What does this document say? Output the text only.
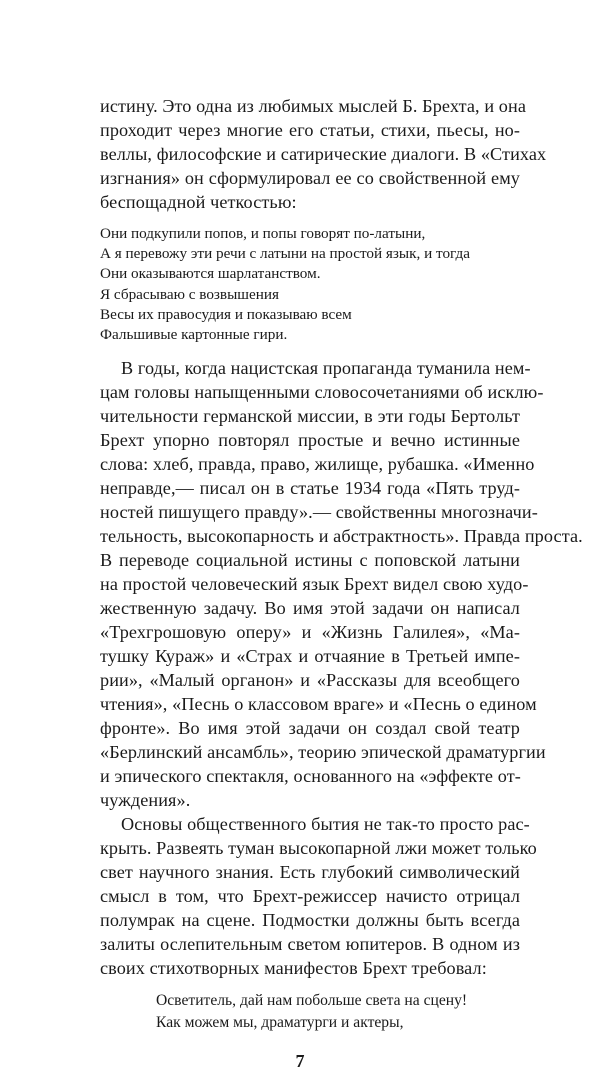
истину. Это одна из любимых мыслей Б. Брехта, и она
проходит через многие его статьи, стихи, пьесы, но-
веллы, философские и сатирические диалоги. В «Стихах
изгнания» он сформулировал ее со свойственной ему
беспощадной четкостью:
Они подкупили попов, и попы говорят по-латыни,
А я перевожу эти речи с латыни на простой язык, и тогда
Они оказываются шарлатанством.
Я сбрасываю с возвышения
Весы их правосудия и показываю всем
Фальшивые картонные гири.
В годы, когда нацистская пропаганда туманила нем-
цам головы напыщенными словосочетаниями об исклю-
чительности германской миссии, в эти годы Бертольт
Брехт упорно повторял простые и вечно истинные
слова: хлеб, правда, право, жилище, рубашка. «Именно
неправде,— писал он в статье 1934 года «Пять труд-
ностей пишущего правду».— свойственны многозначи-
тельность, высокопарность и абстрактность». Правда проста.
В переводе социальной истины с поповской латыни
на простой человеческий язык Брехт видел свою худо-
жественную задачу. Во имя этой задачи он написал
«Трехгрошовую оперу» и «Жизнь Галилея», «Ма-
тушку Кураж» и «Страх и отчаяние в Третьей импе-
рии», «Малый органон» и «Рассказы для всеобщего
чтения», «Песнь о классовом враге» и «Песнь о едином
фронте». Во имя этой задачи он создал свой театр
«Берлинский ансамбль», теорию эпической драматургии
и эпического спектакля, основанного на «эффекте от-
чуждения».
Основы общественного бытия не так-то просто рас-
крыть. Развеять туман высокопарной лжи может только
свет научного знания. Есть глубокий символический
смысл в том, что Брехт-режиссер начисто отрицал
полумрак на сцене. Подмостки должны быть всегда
залиты ослепительным светом юпитеров. В одном из
своих стихотворных манифестов Брехт требовал:
Осветитель, дай нам побольше света на сцену!
Как можем мы, драматурги и актеры,
7
